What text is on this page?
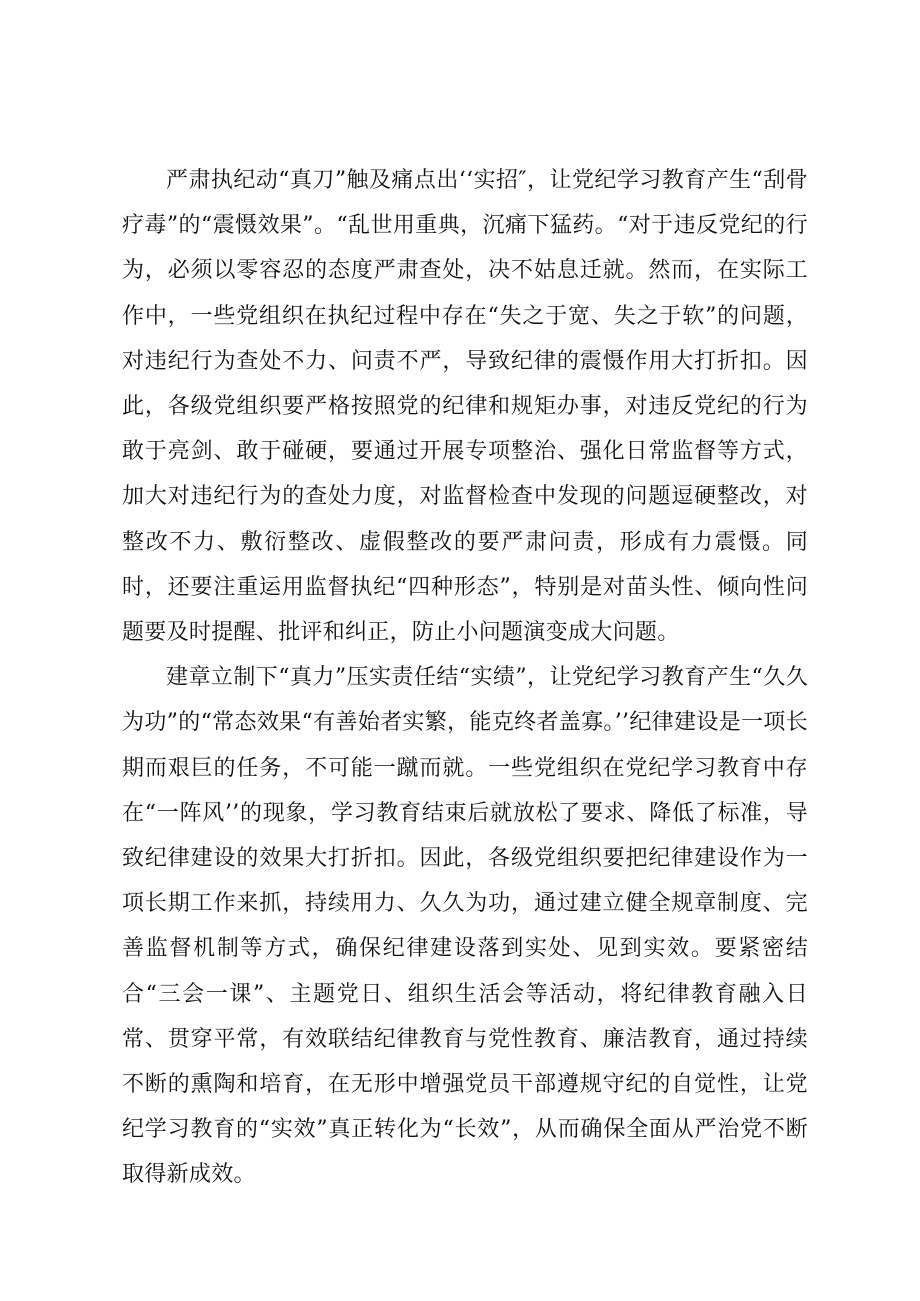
严肃执纪动“真刀”触及痛点出‘‘实招″，让党纪学习教育产生“刮骨疗毒”的“震慑效果”。“乱世用重典，沉痛下猛药。“对于违反党纪的行为，必须以零容忍的态度严肃查处，决不姑息迁就。然而，在实际工作中，一些党组织在执纪过程中存在“失之于宽、失之于软”的问题，对违纪行为查处不力、问责不严，导致纪律的震慑作用大打折扣。因此，各级党组织要严格按照党的纪律和规矩办事，对违反党纪的行为敢于亮剑、敢于碰硬，要通过开展专项整治、强化日常监督等方式，加大对违纪行为的查处力度，对监督检查中发现的问题逗硬整改，对整改不力、敷衍整改、虚假整改的要严肃问责，形成有力震慑。同时，还要注重运用监督执纪“四种形态”，特别是对苗头性、倾向性问题要及时提醒、批评和纠正，防止小问题演变成大问题。

建章立制下“真力”压实责任结“实绩”，让党纪学习教育产生“久久为功”的“常态效果“有善始者实繁，能克终者盖寡。’’纪律建设是一项长期而艰巨的任务，不可能一蹴而就。一些党组织在党纪学习教育中存在“一阵风’’的现象，学习教育结束后就放松了要求、降低了标准，导致纪律建设的效果大打折扣。因此，各级党组织要把纪律建设作为一项长期工作来抓，持续用力、久久为功，通过建立健全规章制度、完善监督机制等方式，确保纪律建设落到实处、见到实效。要紧密结合“三会一课”、主题党日、组织生活会等活动，将纪律教育融入日常、贯穿平常，有效联结纪律教育与党性教育、廉洁教育，通过持续不断的熏陶和培育，在无形中增强党员干部遵规守纪的自觉性，让党纪学习教育的“实效”真正转化为“长效”，从而确保全面从严治党不断取得新成效。
